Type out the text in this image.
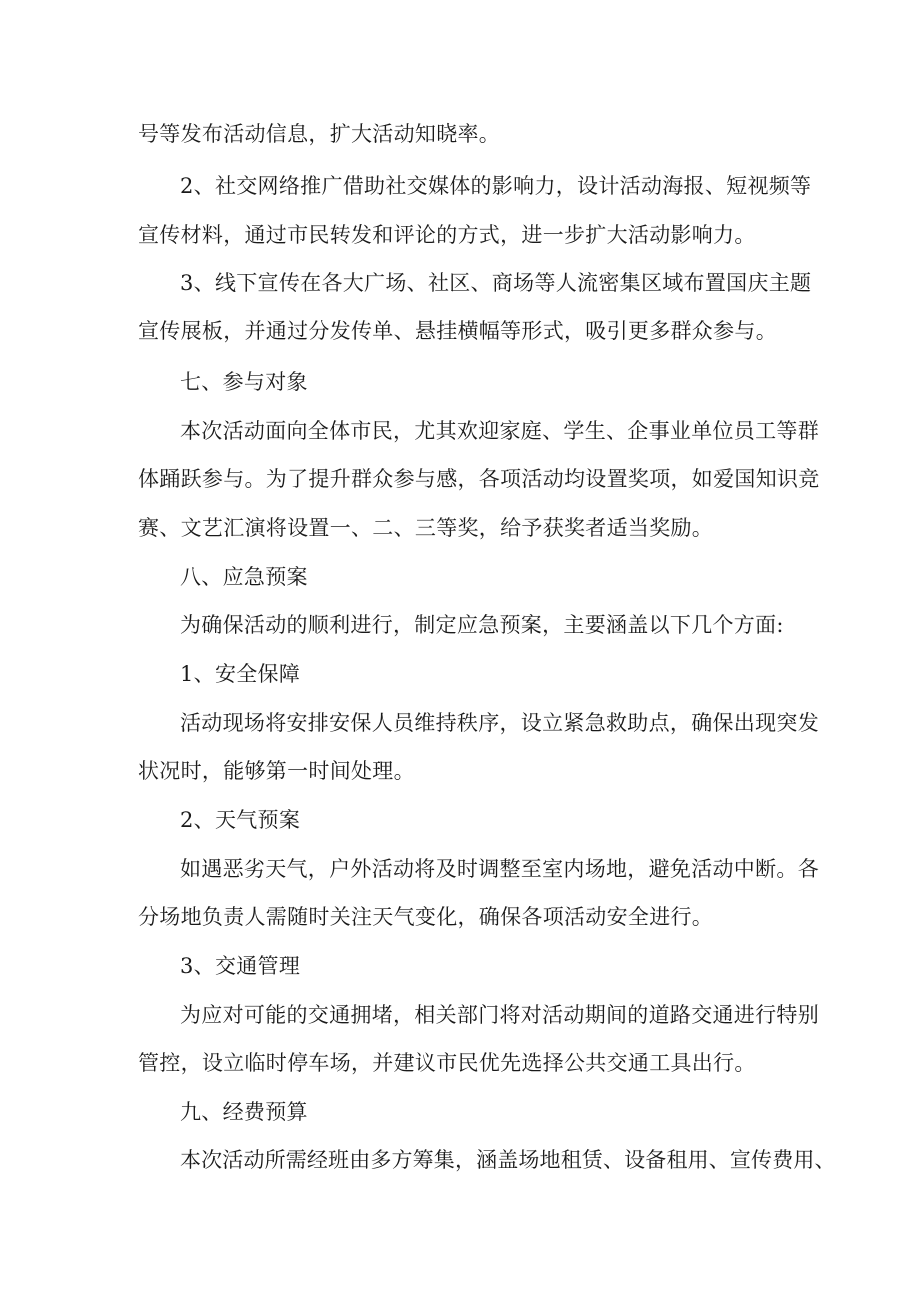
号等发布活动信息，扩大活动知晓率。
2、社交网络推广借助社交媒体的影响力，设计活动海报、短视频等
宣传材料，通过市民转发和评论的方式，进一步扩大活动影响力。
3、线下宣传在各大广场、社区、商场等人流密集区域布置国庆主题
宣传展板，并通过分发传单、悬挂横幅等形式，吸引更多群众参与。
七、参与对象
本次活动面向全体市民，尤其欢迎家庭、学生、企事业单位员工等群
体踊跃参与。为了提升群众参与感，各项活动均设置奖项，如爱国知识竞
赛、文艺汇演将设置一、二、三等奖，给予获奖者适当奖励。
八、应急预案
为确保活动的顺利进行，制定应急预案，主要涵盖以下几个方面:
1、安全保障
活动现场将安排安保人员维持秩序，设立紧急救助点，确保出现突发
状况时，能够第一时间处理。
2、天气预案
如遇恶劣天气，户外活动将及时调整至室内场地，避免活动中断。各
分场地负责人需随时关注天气变化，确保各项活动安全进行。
3、交通管理
为应对可能的交通拥堵，相关部门将对活动期间的道路交通进行特别
管控，设立临时停车场，并建议市民优先选择公共交通工具出行。
九、经费预算
本次活动所需经班由多方筹集，涵盖场地租赁、设备租用、宣传费用、
